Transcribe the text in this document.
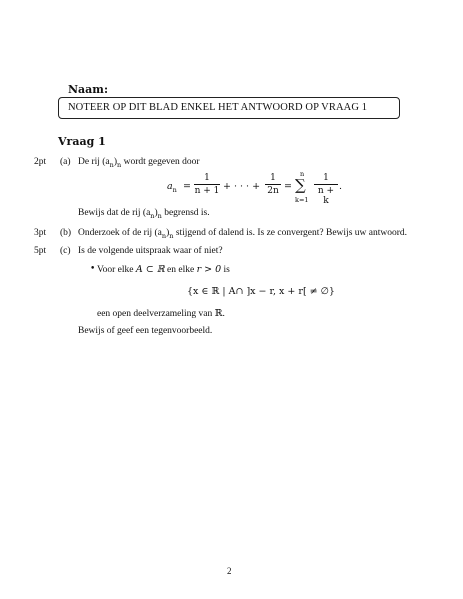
Naam:
NOTEER OP DIT BLAD ENKEL HET ANTWOORD OP VRAAG 1
Vraag 1
2pt (a) De rij $(a_n)_n$ wordt gegeven door
$a_n$ =
1
n + 1 + · · · +
1
2n =
n
∑
k=1
1
n + k
.
Bewijs dat de rij $(a_n)_n$ begrensd is.
3pt (b) Onderzoek of de rij $(a_n)_n$ stijgend of dalend is. Is ze convergent? Bewijs uw antwoord.
5pt (c) Is de volgende uitspraak waar of niet?
• Voor elke A ⊂ ℝ en elke r > 0 is
{x ∈ ℝ | A∩ ]x − r, x + r[ ≠ ∅}
een open deelverzameling van ℝ.
Bewijs of geef een tegenvoorbeeld.
2
